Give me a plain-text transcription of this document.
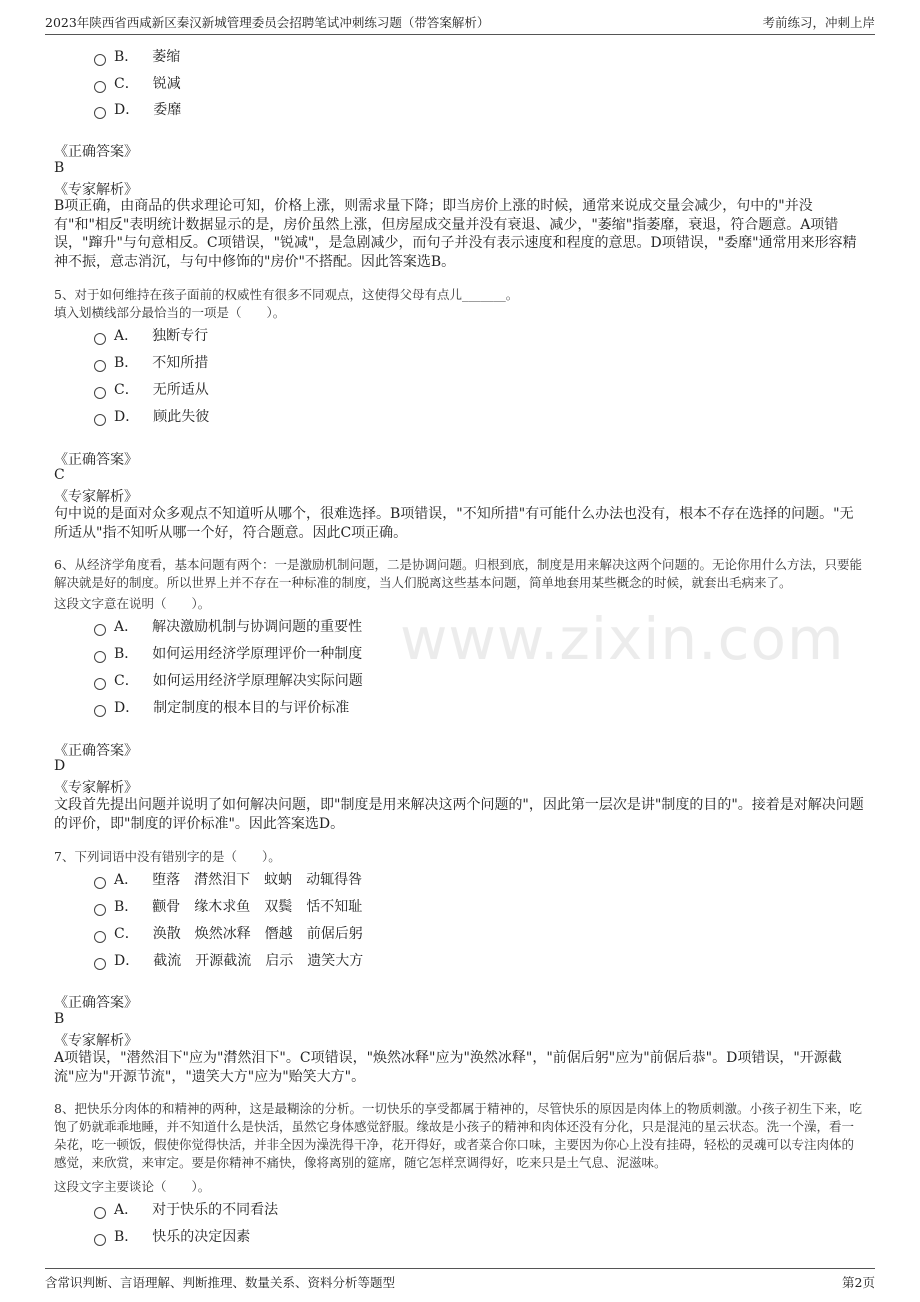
2023年陕西省西咸新区秦汉新城管理委员会招聘笔试冲刺练习题（带答案解析）	考前练习，冲刺上岸
www.zixin.com
B． 萎缩
C． 锐减
D． 委靡
《正确答案》
B
《专家解析》
B项正确，由商品的供求理论可知，价格上涨，则需求量下降；即当房价上涨的时候，通常来说成交量会减少，句中的"并没有"和"相反"表明统计数据显示的是，房价虽然上涨，但房屋成交量并没有衰退、减少，"萎缩"指萎靡，衰退，符合题意。A项错误，"蹿升"与句意相反。C项错误，"锐减"，是急剧减少，而句子并没有表示速度和程度的意思。D项错误，"委靡"通常用来形容精神不振，意志消沉，与句中修饰的"房价"不搭配。因此答案选B。
5、对于如何维持在孩子面前的权威性有很多不同观点，这使得父母有点儿_______。
填入划横线部分最恰当的一项是（　　）。
A． 独断专行
B． 不知所措
C． 无所适从
D． 顾此失彼
《正确答案》
C
《专家解析》
句中说的是面对众多观点不知道听从哪个，很难选择。B项错误，"不知所措"有可能什么办法也没有，根本不存在选择的问题。"无所适从"指不知听从哪一个好，符合题意。因此C项正确。
6、从经济学角度看，基本问题有两个：一是激励机制问题，二是协调问题。归根到底，制度是用来解决这两个问题的。无论你用什么方法，只要能解决就是好的制度。所以世界上并不存在一种标准的制度，当人们脱离这些基本问题，简单地套用某些概念的时候，就套出毛病来了。
这段文字意在说明（　　）。
A． 解决激励机制与协调问题的重要性
B． 如何运用经济学原理评价一种制度
C． 如何运用经济学原理解决实际问题
D． 制定制度的根本目的与评价标准
《正确答案》
D
《专家解析》
文段首先提出问题并说明了如何解决问题，即"制度是用来解决这两个问题的"，因此第一层次是讲"制度的目的"。接着是对解决问题的评价，即"制度的评价标准"。因此答案选D。
7、下列词语中没有错别字的是（　　）。
A． 堕落　潸然泪下　蚊蚋　动辄得咎
B． 颧骨　缘木求鱼　双鬓　恬不知耻
C． 涣散　焕然冰释　僭越　前倨后躬
D． 截流　开源截流　启示　遗笑大方
《正确答案》
B
《专家解析》
A项错误，"潜然泪下"应为"潸然泪下"。C项错误，"焕然冰释"应为"涣然冰释"，"前倨后躬"应为"前倨后恭"。D项错误，"开源截流"应为"开源节流"，"遗笑大方"应为"贻笑大方"。
8、把快乐分肉体的和精神的两种，这是最糊涂的分析。一切快乐的享受都属于精神的，尽管快乐的原因是肉体上的物质刺激。小孩子初生下来，吃饱了奶就乖乖地睡，并不知道什么是快活，虽然它身体感觉舒服。缘故是小孩子的精神和肉体还没有分化，只是混沌的星云状态。洗一个澡，看一朵花，吃一顿饭，假使你觉得快活，并非全因为澡洗得干净，花开得好，或者菜合你口味，主要因为你心上没有挂碍，轻松的灵魂可以专注肉体的感觉，来欣赏，来审定。要是你精神不痛快，像将离别的筵席，随它怎样烹调得好，吃来只是土气息、泥滋味。
这段文字主要谈论（　　）。
A． 对于快乐的不同看法
B． 快乐的决定因素
含常识判断、言语理解、判断推理、数量关系、资料分析等题型	第2页
